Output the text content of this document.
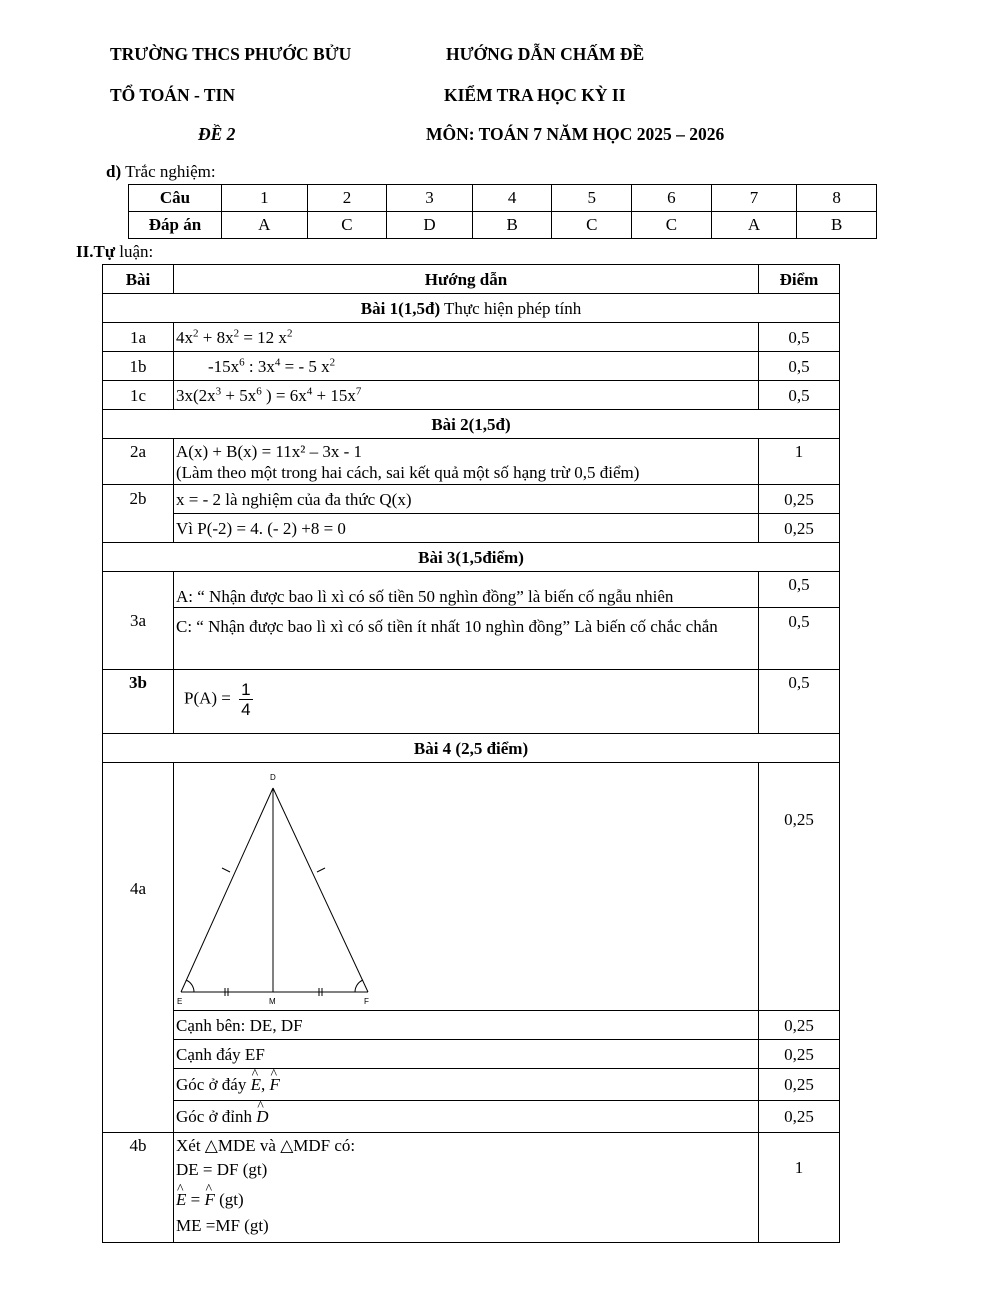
TRƯỜNG THCS PHƯỚC BỬU	HƯỚNG DẪN CHẤM ĐỀ
TỔ TOÁN - TIN	KIỂM TRA HỌC KỲ II
ĐỀ 2	MÔN: TOÁN 7 NĂM HỌC 2025 – 2026
d) Trắc nghiệm:
Câu	1	2	3	4	5	6	7	8
Đáp án	A	C	D	B	C	C	A	B
II.Tự luận:
Bài	Hướng dẫn	Điểm
Bài 1(1,5đ) Thực hiện phép tính		
1a	$4x^2 + 8x^2 = 12$ $x^2$	0,5
1b	$-15x^6$ : $3x^4$ = - 5 $x^2$	0,5
1c	$3x(2x^3 + 5x^6$ ) = $6x^4 + 15x^7$	0,5
Bài 2(1,5đ)		
2a	A(x) + B(x) = 11x² – 3x - 1
(Làm theo một trong hai cách, sai kết quả một số hạng trừ 0,5 điểm)	1
2b	x = - 2 là nghiệm của đa thức Q(x)	0,25
	Vì P(-2) = 4. (- 2) +8 = 0	0,25
Bài 3(1,5điểm)		
3a	A: “ Nhận được bao lì xì có số tiền 50 nghìn đồng” là biến cố ngẫu nhiên	0,5
	C: “ Nhận được bao lì xì có số tiền ít nhất 10 nghìn đồng” Là biến cố chắc chắn	0,5
3b	$P(A) = \frac{1}{4}$	0,5
Bài 4 (2,5 điểm)		
4a	D
E M F	0,25
	Cạnh bên: DE, DF	0,25
	Cạnh đáy EF	0,25
	Góc ở đáy ^ E, ^ F	0,25
	Góc ở đỉnh ^ D	0,25
4b	Xét △MDE và △MDF có:
DE = DF (gt)
^ E = ^ F (gt)
ME =MF (gt)	1
